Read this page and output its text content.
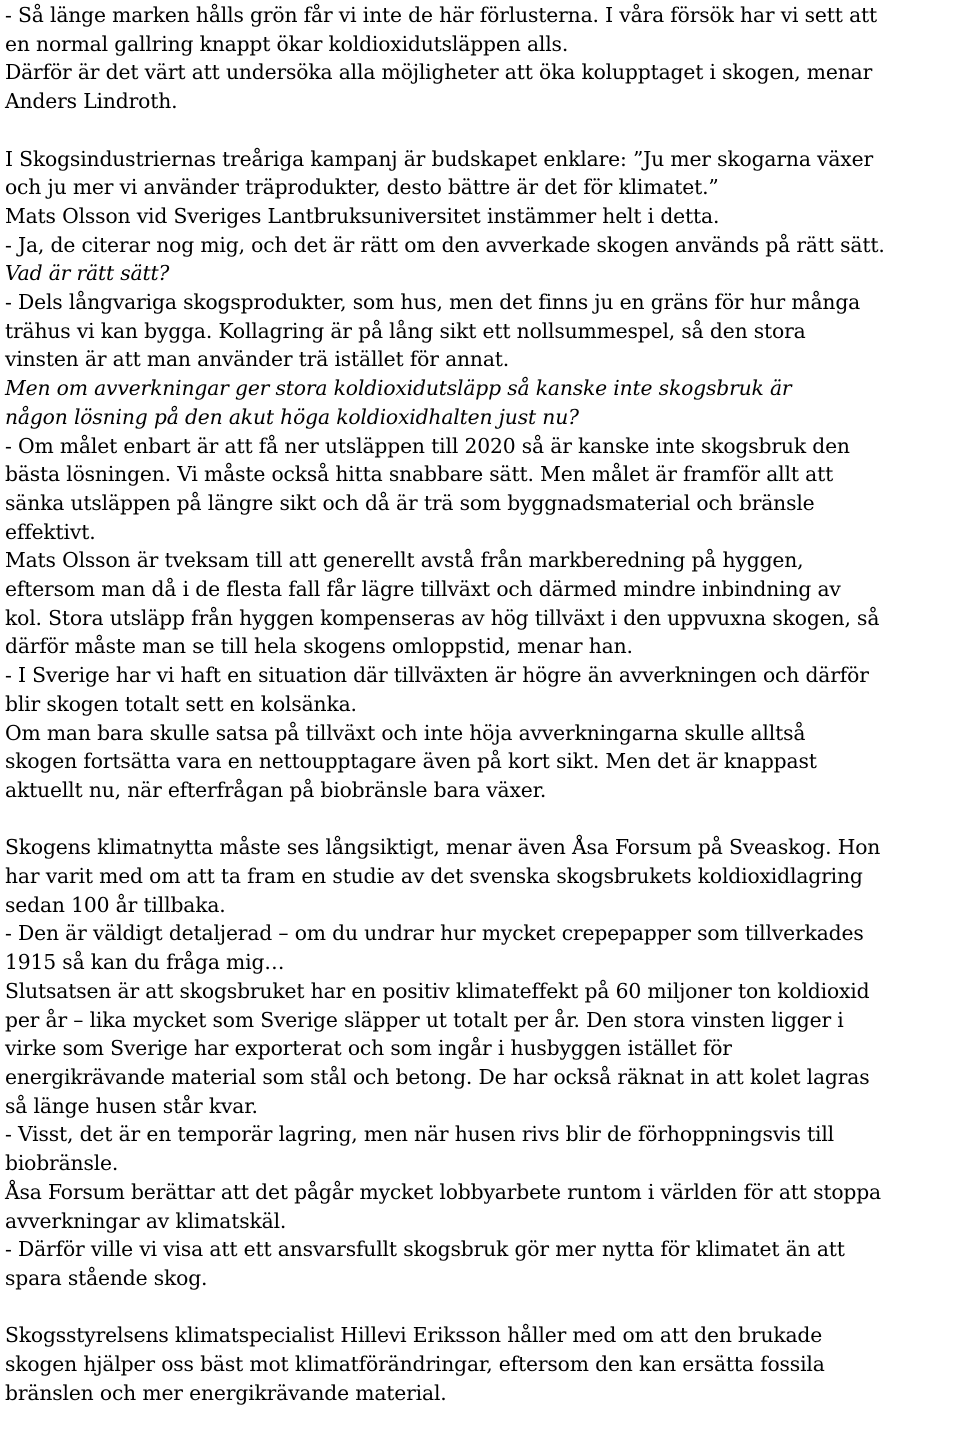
- Så länge marken hålls grön får vi inte de här förlusterna. I våra försök har vi sett att
en normal gallring knappt ökar koldioxidutsläppen alls.
Därför är det värt att undersöka alla möjligheter att öka kolupptaget i skogen, menar
Anders Lindroth.
I Skogsindustriernas treåriga kampanj är budskapet enklare: ”Ju mer skogarna växer
och ju mer vi använder träprodukter, desto bättre är det för klimatet.”
Mats Olsson vid Sveriges Lantbruksuniversitet instämmer helt i detta.
- Ja, de citerar nog mig, och det är rätt om den avverkade skogen används på rätt sätt.
Vad är rätt sätt?
- Dels långvariga skogsprodukter, som hus, men det finns ju en gräns för hur många
trähus vi kan bygga. Kollagring är på lång sikt ett nollsummespel, så den stora
vinsten är att man använder trä istället för annat.
Men om avverkningar ger stora koldioxidutsläpp så kanske inte skogsbruk är
någon lösning på den akut höga koldioxidhalten just nu?
- Om målet enbart är att få ner utsläppen till 2020 så är kanske inte skogsbruk den
bästa lösningen. Vi måste också hitta snabbare sätt. Men målet är framför allt att
sänka utsläppen på längre sikt och då är trä som byggnadsmaterial och bränsle
effektivt.
Mats Olsson är tveksam till att generellt avstå från markberedning på hyggen,
eftersom man då i de flesta fall får lägre tillväxt och därmed mindre inbindning av
kol. Stora utsläpp från hyggen kompenseras av hög tillväxt i den uppvuxna skogen, så
därför måste man se till hela skogens omloppstid, menar han.
- I Sverige har vi haft en situation där tillväxten är högre än avverkningen och därför
blir skogen totalt sett en kolsänka.
Om man bara skulle satsa på tillväxt och inte höja avverkningarna skulle alltså
skogen fortsätta vara en nettoupptagare även på kort sikt. Men det är knappast
aktuellt nu, när efterfrågan på biobränsle bara växer.
Skogens klimatnytta måste ses långsiktigt, menar även Åsa Forsum på Sveaskog. Hon
har varit med om att ta fram en studie av det svenska skogsbrukets koldioxidlagring
sedan 100 år tillbaka.
- Den är väldigt detaljerad – om du undrar hur mycket crepepapper som tillverkades
1915 så kan du fråga mig…
Slutsatsen är att skogsbruket har en positiv klimateffekt på 60 miljoner ton koldioxid
per år – lika mycket som Sverige släpper ut totalt per år. Den stora vinsten ligger i
virke som Sverige har exporterat och som ingår i husbyggen istället för
energikrävande material som stål och betong. De har också räknat in att kolet lagras
så länge husen står kvar.
- Visst, det är en temporär lagring, men när husen rivs blir de förhoppningsvis till
biobränsle.
Åsa Forsum berättar att det pågår mycket lobbyarbete runtom i världen för att stoppa
avverkningar av klimatskäl.
- Därför ville vi visa att ett ansvarsfullt skogsbruk gör mer nytta för klimatet än att
spara stående skog.
Skogsstyrelsens klimatspecialist Hillevi Eriksson håller med om att den brukade
skogen hjälper oss bäst mot klimatförändringar, eftersom den kan ersätta fossila
bränslen och mer energikrävande material.
